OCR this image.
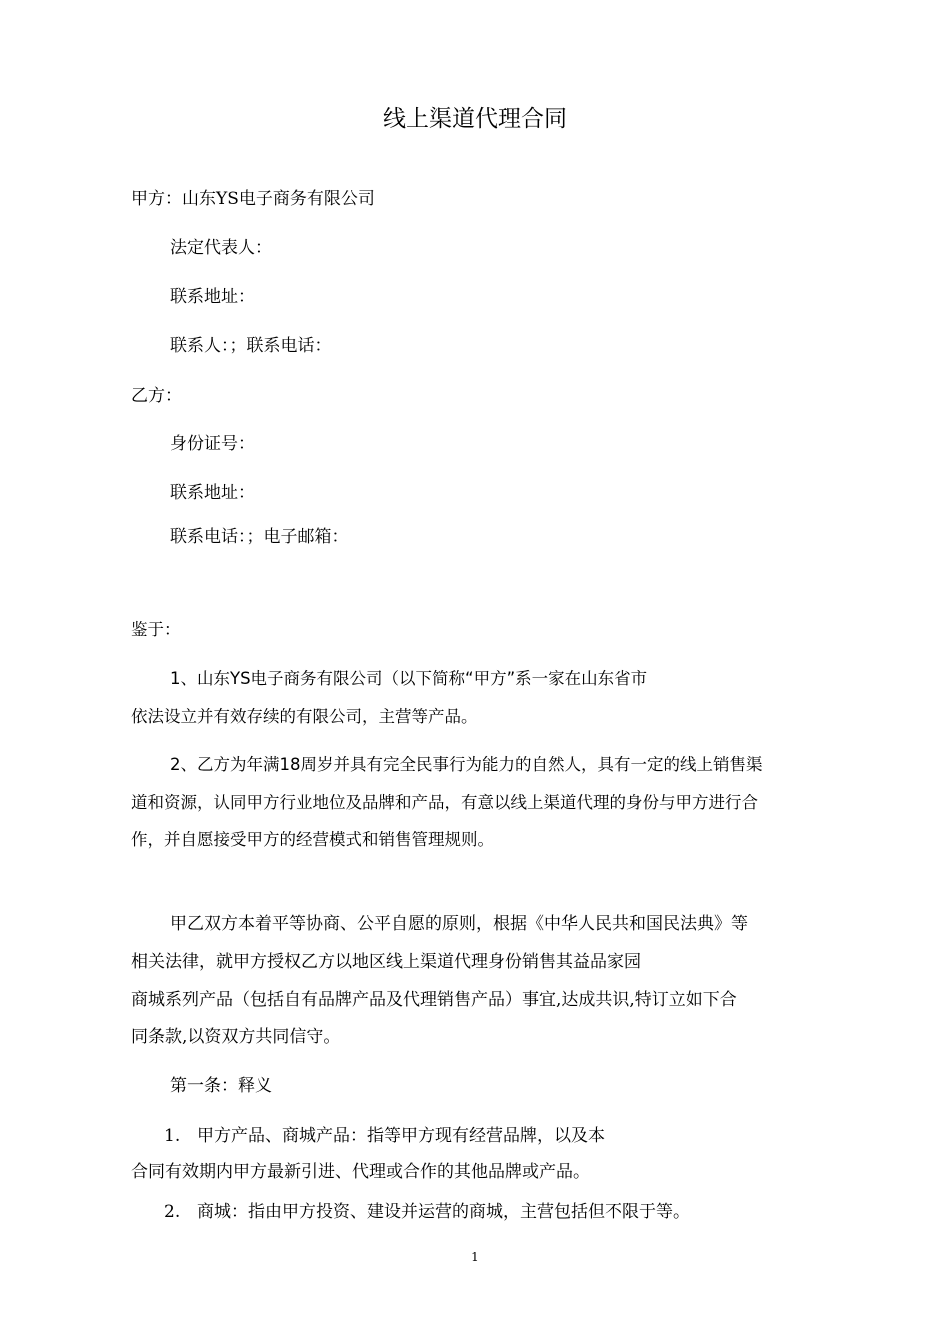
线上渠道代理合同
甲方：山东YS电子商务有限公司
法定代表人：
联系地址：
联系人：；联系电话：
乙方：
身份证号：
联系地址：
联系电话：；电子邮箱：
鉴于：
1、山东YS电子商务有限公司（以下简称“甲方”系一家在山东省市
依法设立并有效存续的有限公司，主营等产品。
2、乙方为年满18周岁并具有完全民事行为能力的自然人，具有一定的线上销售渠
道和资源，认同甲方行业地位及品牌和产品，有意以线上渠道代理的身份与甲方进行合
作，并自愿接受甲方的经营模式和销售管理规则。
甲乙双方本着平等协商、公平自愿的原则，根据《中华人民共和国民法典》等
相关法律，就甲方授权乙方以地区线上渠道代理身份销售其益品家园
商城系列产品（包括自有品牌产品及代理销售产品）事宜,达成共识,特订立如下合
同条款,以资双方共同信守。
第一条：释义
1. 甲方产品、商城产品：指等甲方现有经营品牌，以及本
合同有效期内甲方最新引进、代理或合作的其他品牌或产品。
2. 商城：指由甲方投资、建设并运营的商城，主营包括但不限于等。
1
